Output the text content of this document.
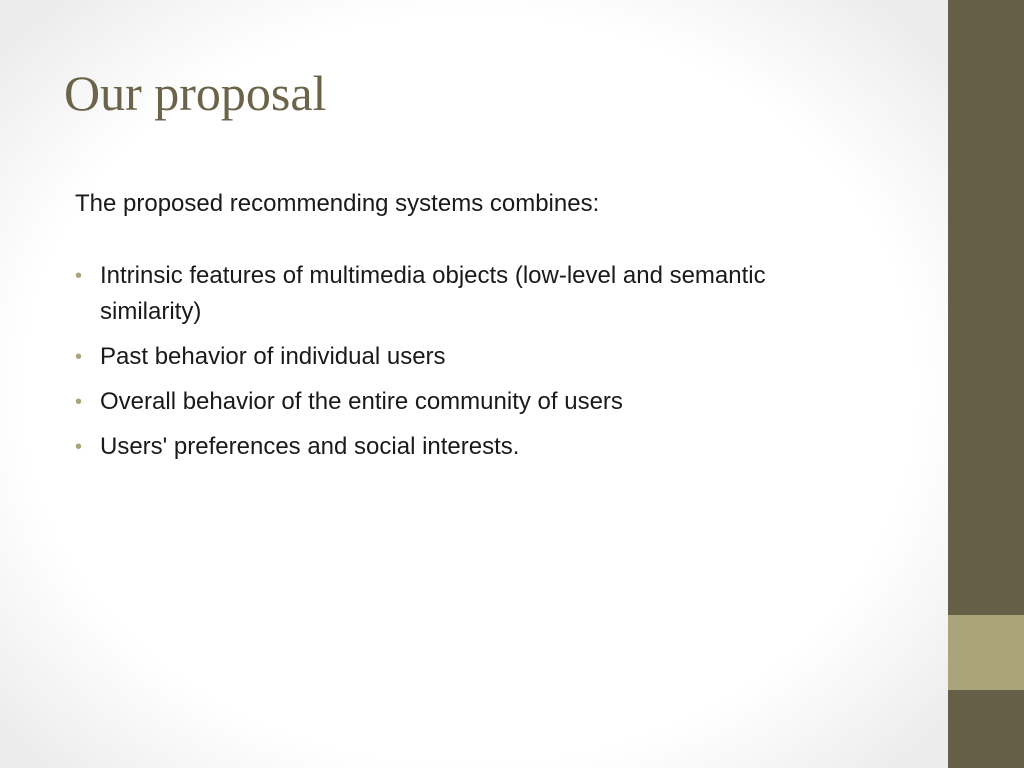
Our proposal

The proposed recommending systems combines:

• Intrinsic features of multimedia objects (low-level and semantic similarity)
• Past behavior of individual users
• Overall behavior of the entire community of users
• Users' preferences and social interests.
